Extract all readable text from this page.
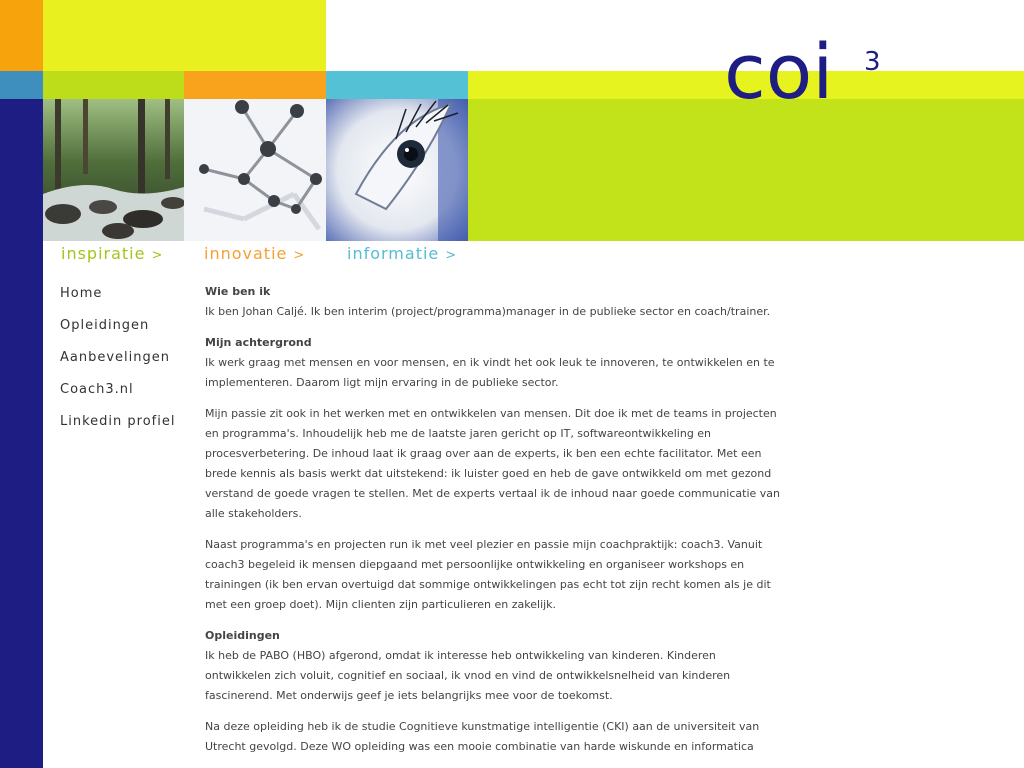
coi 3
inspiratie >	innovatie >	informatie >
Home
Opleidingen
Aanbevelingen
Coach3.nl
Linkedin profiel

Wie ben ik
Ik ben Johan Caljé. Ik ben interim (project/programma)manager in de publieke sector en coach/trainer.

Mijn achtergrond
Ik werk graag met mensen en voor mensen, en ik vindt het ook leuk te innoveren, te ontwikkelen en te implementeren. Daarom ligt mijn ervaring in de publieke sector.

Mijn passie zit ook in het werken met en ontwikkelen van mensen. Dit doe ik met de teams in projecten en programma's. Inhoudelijk heb me de laatste jaren gericht op IT, softwareontwikkeling en procesverbetering. De inhoud laat ik graag over aan de experts, ik ben een echte facilitator. Met een brede kennis als basis werkt dat uitstekend: ik luister goed en heb de gave ontwikkeld om met gezond verstand de goede vragen te stellen. Met de experts vertaal ik de inhoud naar goede communicatie van alle stakeholders.

Naast programma's en projecten run ik met veel plezier en passie mijn coachpraktijk: coach3. Vanuit coach3 begeleid ik mensen diepgaand met persoonlijke ontwikkeling en organiseer workshops en trainingen (ik ben ervan overtuigd dat sommige ontwikkelingen pas echt tot zijn recht komen als je dit met een groep doet). Mijn clienten zijn particulieren en zakelijk.

Opleidingen
Ik heb de PABO (HBO) afgerond, omdat ik interesse heb ontwikkeling van kinderen. Kinderen ontwikkelen zich voluit, cognitief en sociaal, ik vnod en vind de ontwikkelsnelheid van kinderen fascinerend. Met onderwijs geef je iets belangrijks mee voor de toekomst.

Na deze opleiding heb ik de studie Cognitieve kunstmatige intelligentie (CKI) aan de universiteit van Utrecht gevolgd. Deze WO opleiding was een mooie combinatie van harde wiskunde en informatica
